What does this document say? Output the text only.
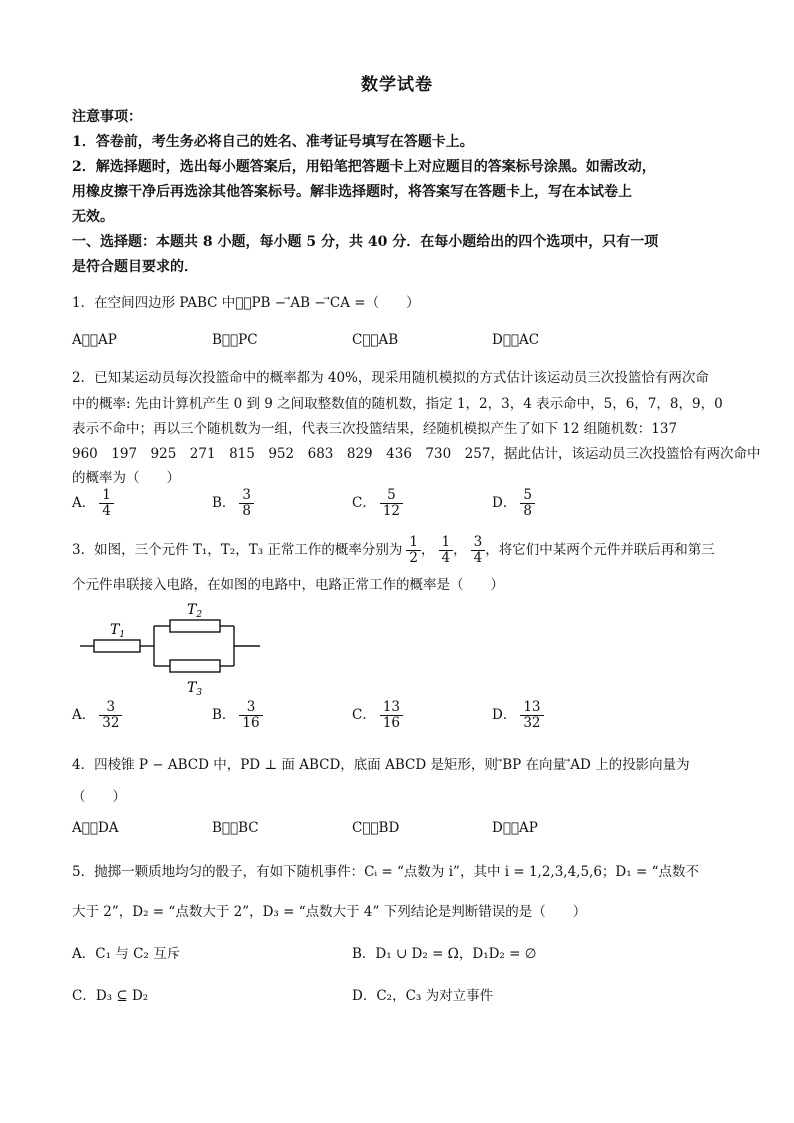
数学试卷
注意事项：
1．答卷前，考生务必将自己的姓名、准考证号填写在答题卡上。
2．解选择题时，选出每小题答案后，用铅笔把答题卡上对应题目的答案标号涂黑。如需改动，
用橡皮擦干净后再选涂其他答案标号。解非选择题时，将答案写在答题卡上，写在本试卷上
无效。
一、选择题：本题共 8 小题，每小题 5 分，共 40 分．在每小题给出的四个选项中，只有一项
是符合题目要求的．
1．在空间四边形 PABC 中，⃗PB − ⃗AB − ⃗CA =（　　）
A．⃗AP	B．⃗PC	C．⃗AB	D．⃗AC
2．已知某运动员每次投篮命中的概率都为 40%，现采用随机模拟的方式估计该运动员三次投篮恰有两次命
中的概率: 先由计算机产生 0 到 9 之间取整数值的随机数，指定 1，2，3，4 表示命中，5，6，7，8，9，0
表示不命中；再以三个随机数为一组，代表三次投篮结果，经随机模拟产生了如下 12 组随机数：137
960　197　925　271　815　952　683　829　436　730　257，据此估计，该运动员三次投篮恰有两次命中
的概率为（　　）
A． $\frac{1}{4}$	B． $\frac{3}{8}$	C． $\frac{5}{12}$	D． $\frac{5}{8}$
3．如图，三个元件 T₁，T₂，T₃ 正常工作的概率分别为 $\frac{1}{2}$ ， $\frac{1}{4}$ ， $\frac{3}{4}$ ，将它们中某两个元件并联后再和第三
个元件串联接入电路，在如图的电路中，电路正常工作的概率是（　　）
$T_1$
$T_2$
$T_3$
A． $\frac{3}{32}$	B． $\frac{3}{16}$	C． $\frac{13}{16}$	D． $\frac{13}{32}$
4．四棱锥 P − ABCD 中，PD ⊥ 面 ABCD，底面 ABCD 是矩形，则 ⃗BP 在向量 ⃗AD 上的投影向量为
（　　）
A．⃗DA	B．⃗BC	C．⃗BD	D．⃗AP
5．抛掷一颗质地均匀的骰子，有如下随机事件：Cᵢ = “点数为 i”，其中 i = 1,2,3,4,5,6；D₁ = “点数不
大于 2”，D₂ = “点数大于 2”，D₃ = “点数大于 4” 下列结论是判断错误的是（　　）
A．C₁ 与 C₂ 互斥	B．D₁ ∪ D₂ = Ω，D₁D₂ = ∅
C．D₃ ⊆ D₂	D．C₂，C₃ 为对立事件
